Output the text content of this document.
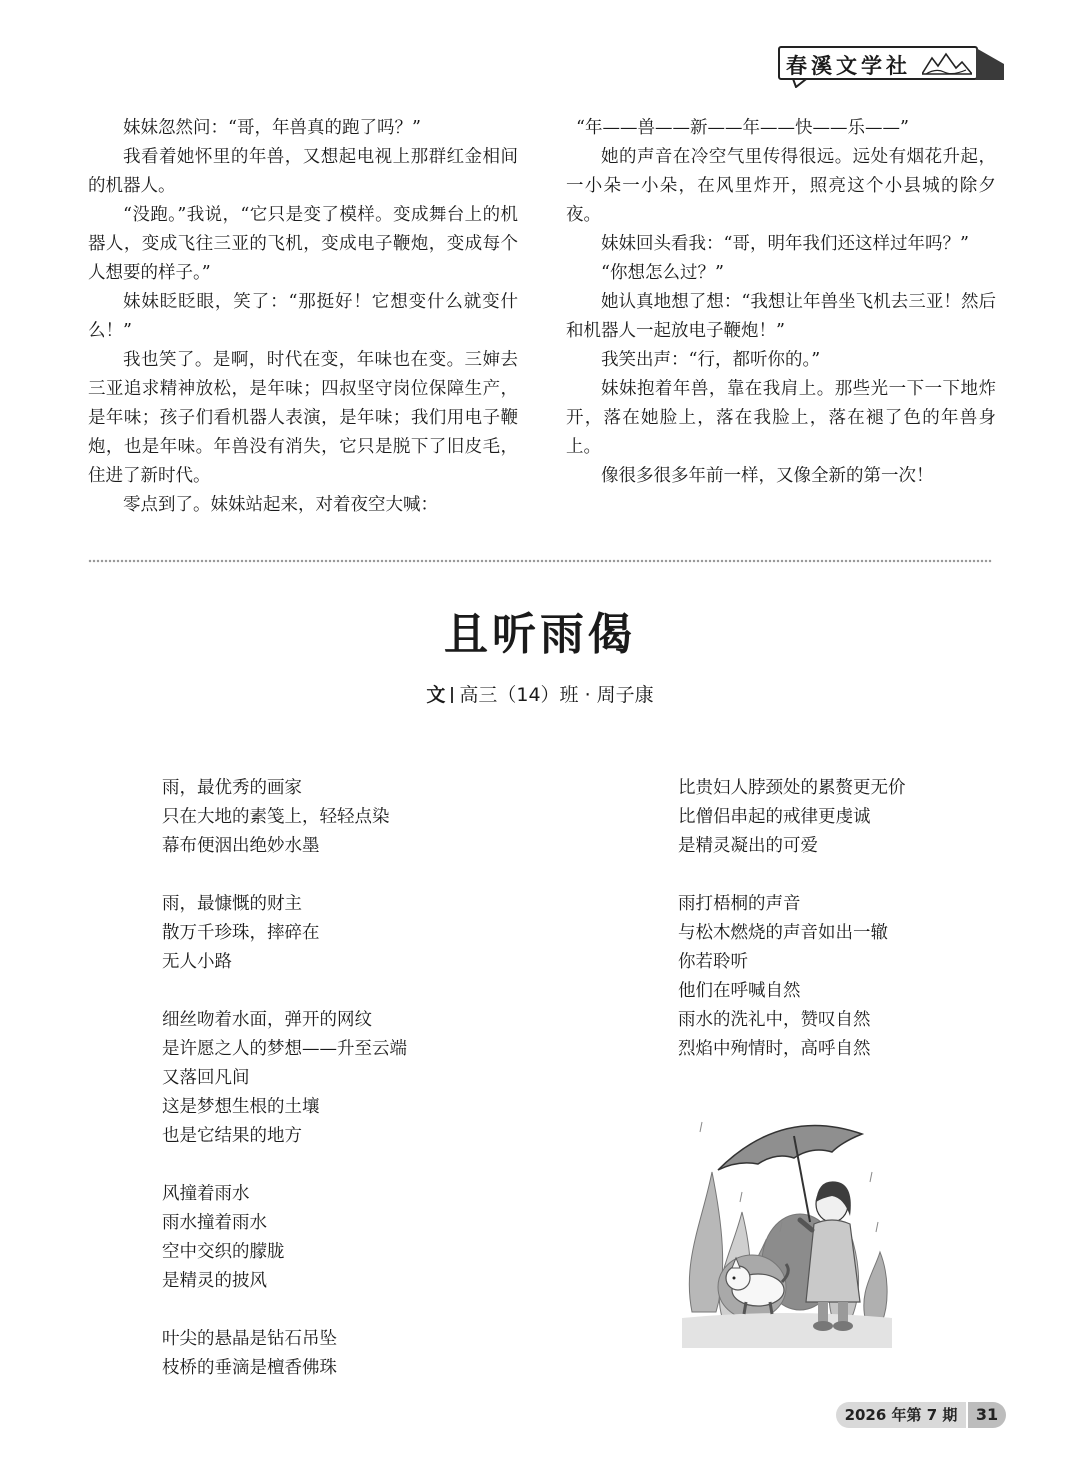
春溪文学社

妹妹忽然问：“哥，年兽真的跑了吗？”

我看着她怀里的年兽，又想起电视上那群红金相间的机器人。

“没跑。”我说，“它只是变了模样。变成舞台上的机器人，变成飞往三亚的飞机，变成电子鞭炮，变成每个人想要的样子。”

妹妹眨眨眼，笑了：“那挺好！它想变什么就变什么！”

我也笑了。是啊，时代在变，年味也在变。三婶去三亚追求精神放松，是年味；四叔坚守岗位保障生产，是年味；孩子们看机器人表演，是年味；我们用电子鞭炮，也是年味。年兽没有消失，它只是脱下了旧皮毛，住进了新时代。

零点到了。妹妹站起来，对着夜空大喊：

“年——兽——新——年——快——乐——”

她的声音在冷空气里传得很远。远处有烟花升起，一小朵一小朵，在风里炸开，照亮这个小县城的除夕夜。

妹妹回头看我：“哥，明年我们还这样过年吗？”

“你想怎么过？”

她认真地想了想：“我想让年兽坐飞机去三亚！然后和机器人一起放电子鞭炮！”

我笑出声：“行，都听你的。”

妹妹抱着年兽，靠在我肩上。那些光一下一下地炸开，落在她脸上，落在我脸上，落在褪了色的年兽身上。

像很多很多年前一样，又像全新的第一次！

且听雨偈
文 高三（14）班 · 周子康
雨，最优秀的画家
只在大地的素笺上，轻轻点染
幕布便洇出绝妙水墨
雨，最慷慨的财主
散万千珍珠，摔碎在
无人小路
细丝吻着水面，弹开的网纹
是许愿之人的梦想——升至云端
又落回凡间
这是梦想生根的土壤
也是它结果的地方
风撞着雨水
雨水撞着雨水
空中交织的朦胧
是精灵的披风
叶尖的悬晶是钻石吊坠
枝桥的垂滴是檀香佛珠
比贵妇人脖颈处的累赘更无价
比僧侣串起的戒律更虔诚
是精灵凝出的可爱
雨打梧桐的声音
与松木燃烧的声音如出一辙
你若聆听
他们在呼喊自然
雨水的洗礼中，赞叹自然
烈焰中殉情时，高呼自然
2026 年第 7 期	31
